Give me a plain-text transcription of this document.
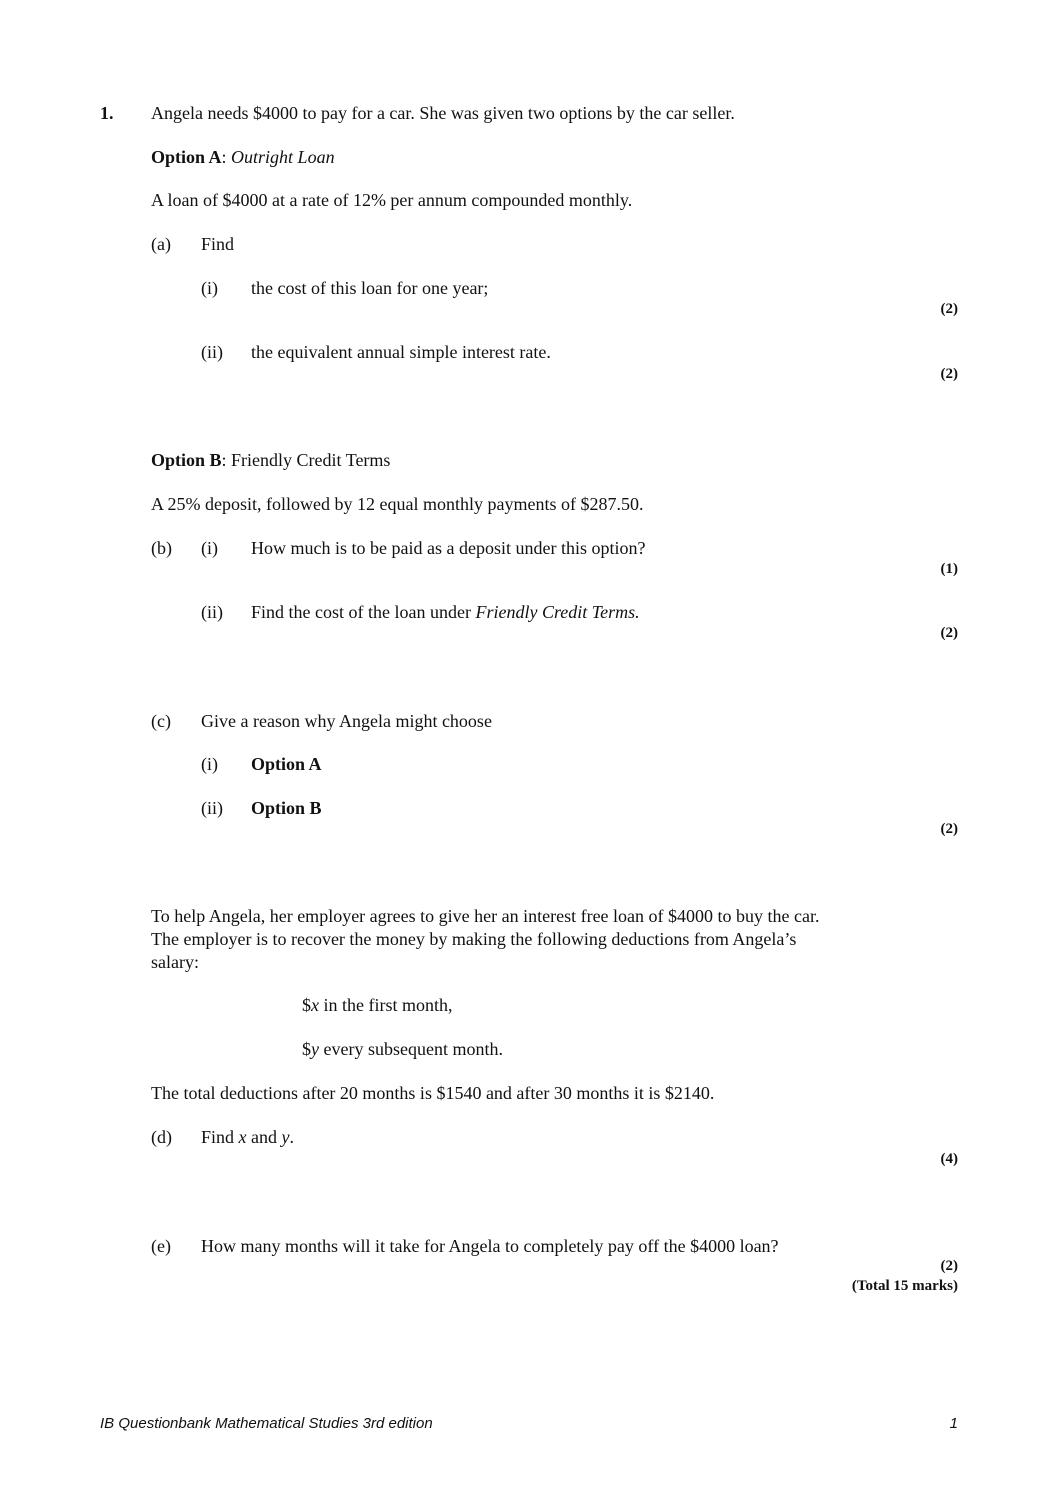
1. Angela needs $4000 to pay for a car. She was given two options by the car seller.
Option A: Outright Loan
A loan of $4000 at a rate of 12% per annum compounded monthly.
(a) Find
(i) the cost of this loan for one year;
(2)
(ii) the equivalent annual simple interest rate.
(2)
Option B: Friendly Credit Terms
A 25% deposit, followed by 12 equal monthly payments of $287.50.
(b) (i) How much is to be paid as a deposit under this option?
(1)
(ii) Find the cost of the loan under Friendly Credit Terms.
(2)
(c) Give a reason why Angela might choose
(i) Option A
(ii) Option B
(2)
To help Angela, her employer agrees to give her an interest free loan of $4000 to buy the car.
The employer is to recover the money by making the following deductions from Angela’s
salary:
$x in the first month,
$y every subsequent month.
The total deductions after 20 months is $1540 and after 30 months it is $2140.
(d) Find x and y.
(4)
(e) How many months will it take for Angela to completely pay off the $4000 loan?
(2)
(Total 15 marks)
IB Questionbank Mathematical Studies 3rd edition	1
